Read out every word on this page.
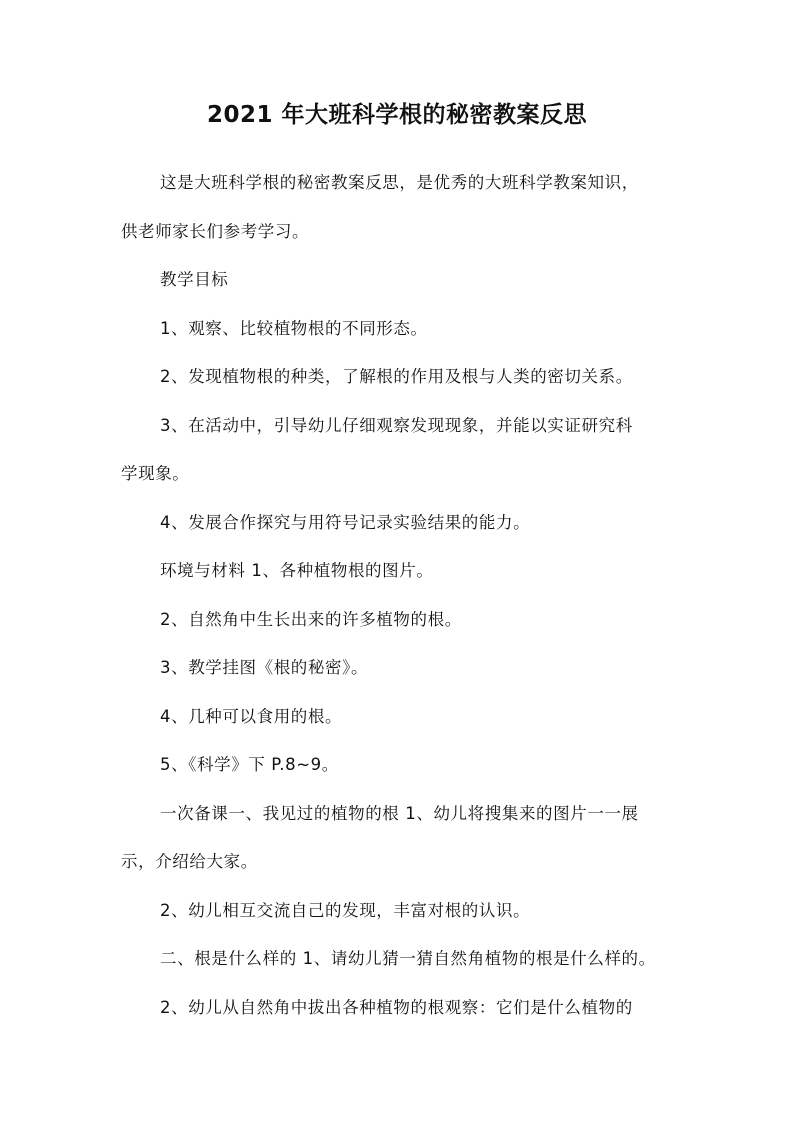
2021 年大班科学根的秘密教案反思
这是大班科学根的秘密教案反思，是优秀的大班科学教案知识，
供老师家长们参考学习。
教学目标
1、观察、比较植物根的不同形态。
2、发现植物根的种类，了解根的作用及根与人类的密切关系。
3、在活动中，引导幼儿仔细观察发现现象，并能以实证研究科
学现象。
4、发展合作探究与用符号记录实验结果的能力。
环境与材料 1、各种植物根的图片。
2、自然角中生长出来的许多植物的根。
3、教学挂图《根的秘密》。
4、几种可以食用的根。
5、《科学》下 P.8~9。
一次备课一、我见过的植物的根 1、幼儿将搜集来的图片一一展
示，介绍给大家。
2、幼儿相互交流自己的发现，丰富对根的认识。
二、根是什么样的 1、请幼儿猜一猜自然角植物的根是什么样的。
2、幼儿从自然角中拔出各种植物的根观察：它们是什么植物的
